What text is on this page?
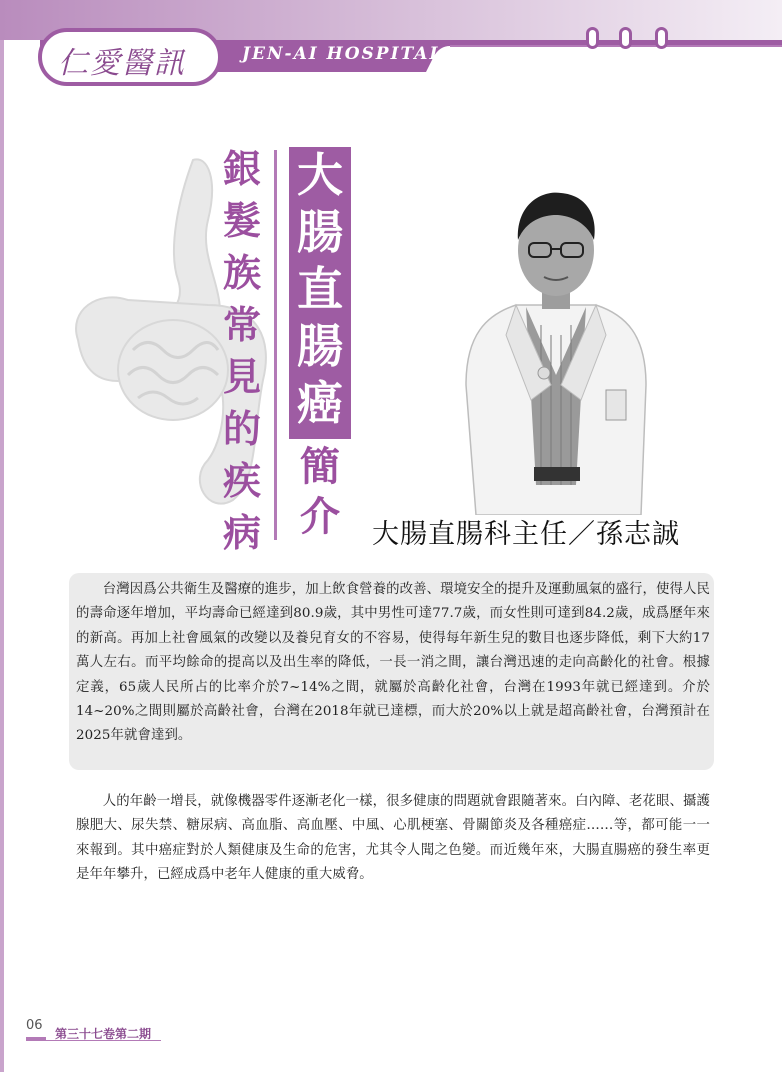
仁愛醫訊	JEN-AI HOSPITAL
銀
髮
族
常
見
的
疾
病
大
腸
直
腸
癌
簡
介 大腸直腸科主任／孫志誠

台灣因爲公共衛生及醫療的進步，加上飲食營養的改善、環境安全的提升及運動風氣的盛行，使得人民的壽命逐年增加，平均壽命已經達到80.9歲，其中男性可達77.7歲，而女性則可達到84.2歲，成爲歷年來的新高。再加上社會風氣的改變以及養兒育女的不容易，使得每年新生兒的數目也逐步降低，剩下大約17萬人左右。而平均餘命的提高以及出生率的降低，一長一消之間，讓台灣迅速的走向高齡化的社會。根據定義，65歲人民所占的比率介於7~14%之間，就屬於高齡化社會，台灣在1993年就已經達到。介於14~20%之間則屬於高齡社會，台灣在2018年就已達標，而大於20%以上就是超高齡社會，台灣預計在2025年就會達到。

人的年齡一增長，就像機器零件逐漸老化一樣，很多健康的問題就會跟隨著來。白內障、老花眼、攝護腺肥大、尿失禁、糖尿病、高血脂、高血壓、中風、心肌梗塞、骨關節炎及各種癌症……等，都可能一一來報到。其中癌症對於人類健康及生命的危害，尤其令人聞之色變。而近幾年來，大腸直腸癌的發生率更是年年攀升，已經成爲中老年人健康的重大威脅。

06
第三十七卷第二期
